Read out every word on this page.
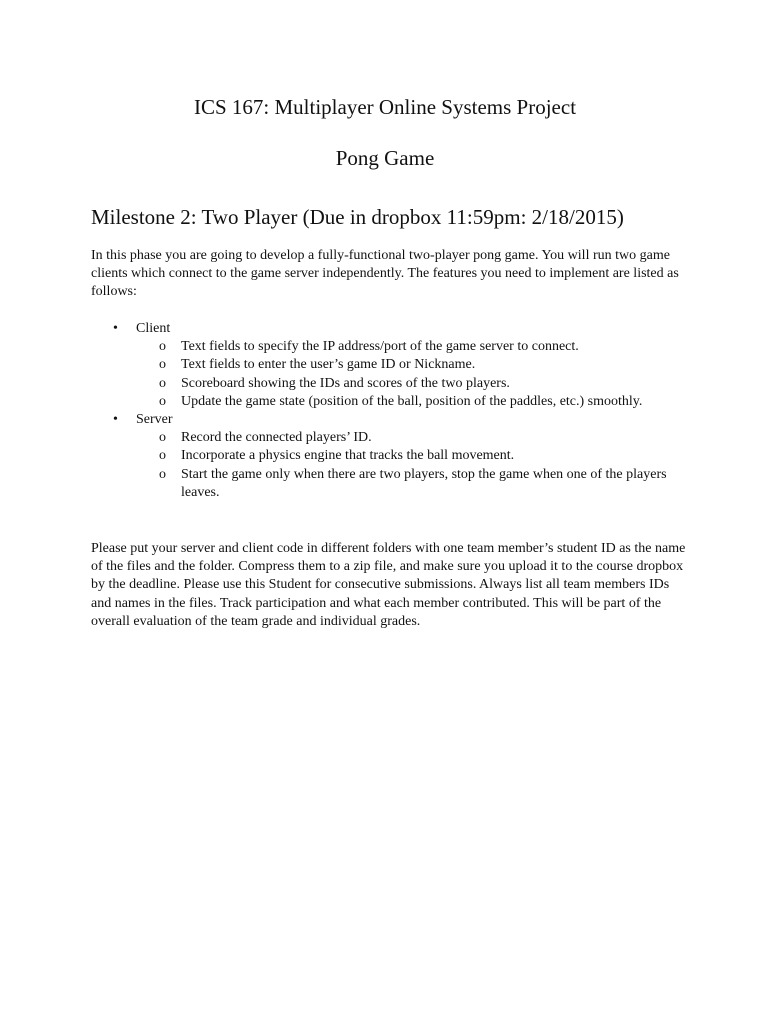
ICS 167: Multiplayer Online Systems Project
Pong Game
Milestone 2: Two Player (Due in dropbox 11:59pm: 2/18/2015)

In this phase you are going to develop a fully-functional two-player pong game. You will run two game clients which connect to the game server independently. The features you need to implement are listed as follows:

• Client
o Text fields to specify the IP address/port of the game server to connect.
o Text fields to enter the user’s game ID or Nickname.
o Scoreboard showing the IDs and scores of the two players.
o Update the game state (position of the ball, position of the paddles, etc.) smoothly.
• Server
o Record the connected players’ ID.
o Incorporate a physics engine that tracks the ball movement.
o Start the game only when there are two players, stop the game when one of the players leaves.

Please put your server and client code in different folders with one team member’s student ID as the name of the files and the folder. Compress them to a zip file, and make sure you upload it to the course dropbox by the deadline. Please use this Student for consecutive submissions. Always list all team members IDs and names in the files. Track participation and what each member contributed. This will be part of the overall evaluation of the team grade and individual grades.
